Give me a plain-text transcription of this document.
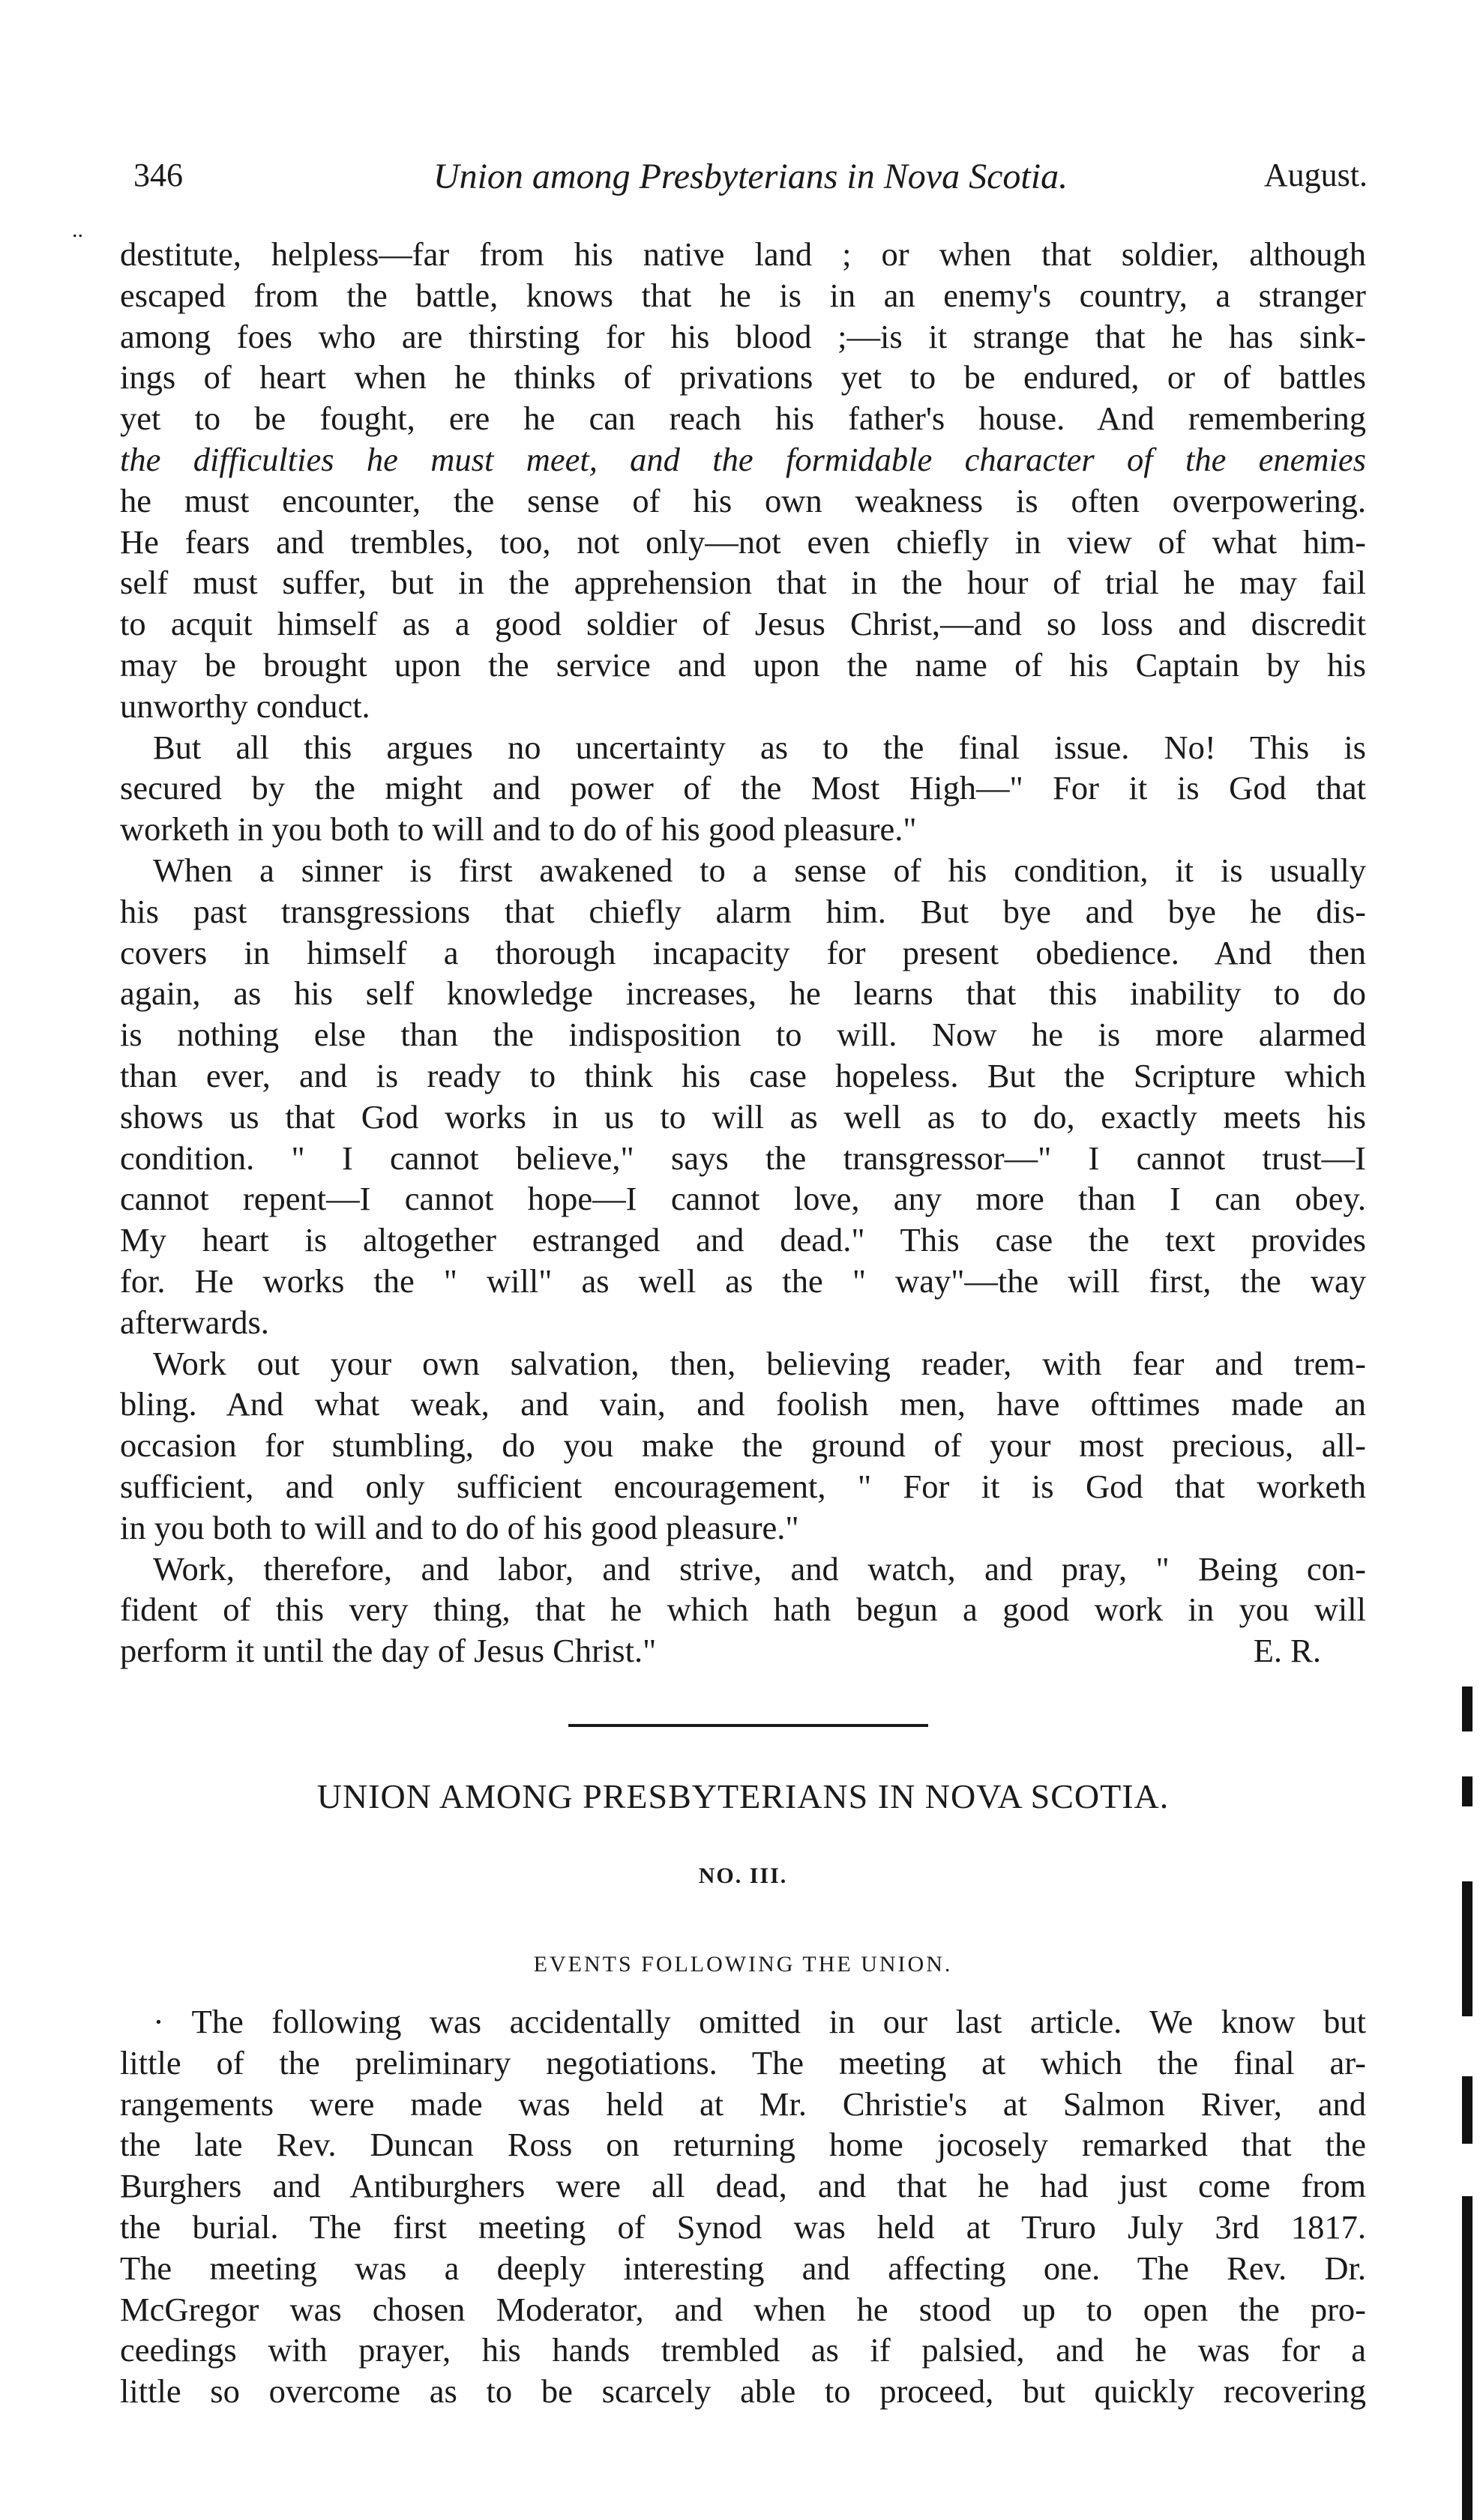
..
346	Union among Presbyterians in Nova Scotia.	August.
destitute, helpless—far from his native land ; or when that soldier, although
escaped from the battle, knows that he is in an enemy's country, a stranger
among foes who are thirsting for his blood ;—is it strange that he has sink-
ings of heart when he thinks of privations yet to be endured, or of battles
yet to be fought, ere he can reach his father's house. And remembering
the difficulties he must meet, and the formidable character of the enemies
he must encounter, the sense of his own weakness is often overpowering.
He fears and trembles, too, not only—not even chiefly in view of what him-
self must suffer, but in the apprehension that in the hour of trial he may fail
to acquit himself as a good soldier of Jesus Christ,—and so loss and discredit
may be brought upon the service and upon the name of his Captain by his
unworthy conduct.
But all this argues no uncertainty as to the final issue. No! This is
secured by the might and power of the Most High—" For it is God that
worketh in you both to will and to do of his good pleasure."
When a sinner is first awakened to a sense of his condition, it is usually
his past transgressions that chiefly alarm him. But bye and bye he dis-
covers in himself a thorough incapacity for present obedience. And then
again, as his self knowledge increases, he learns that this inability to do
is nothing else than the indisposition to will. Now he is more alarmed
than ever, and is ready to think his case hopeless. But the Scripture which
shows us that God works in us to will as well as to do, exactly meets his
condition. " I cannot believe," says the transgressor—" I cannot trust—I
cannot repent—I cannot hope—I cannot love, any more than I can obey.
My heart is altogether estranged and dead." This case the text provides
for. He works the " will" as well as the " way"—the will first, the way
afterwards.
Work out your own salvation, then, believing reader, with fear and trem-
bling. And what weak, and vain, and foolish men, have ofttimes made an
occasion for stumbling, do you make the ground of your most precious, all-
sufficient, and only sufficient encouragement, " For it is God that worketh
in you both to will and to do of his good pleasure."
Work, therefore, and labor, and strive, and watch, and pray, " Being con-
fident of this very thing, that he which hath begun a good work in you will
perform it until the day of Jesus Christ."	E. R.
UNION AMONG PRESBYTERIANS IN NOVA SCOTIA.
NO. III.
EVENTS FOLLOWING THE UNION.
· The following was accidentally omitted in our last article. We know but
little of the preliminary negotiations. The meeting at which the final ar-
rangements were made was held at Mr. Christie's at Salmon River, and
the late Rev. Duncan Ross on returning home jocosely remarked that the
Burghers and Antiburghers were all dead, and that he had just come from
the burial. The first meeting of Synod was held at Truro July 3rd 1817.
The meeting was a deeply interesting and affecting one. The Rev. Dr.
McGregor was chosen Moderator, and when he stood up to open the pro-
ceedings with prayer, his hands trembled as if palsied, and he was for a
little so overcome as to be scarcely able to proceed, but quickly recovering
